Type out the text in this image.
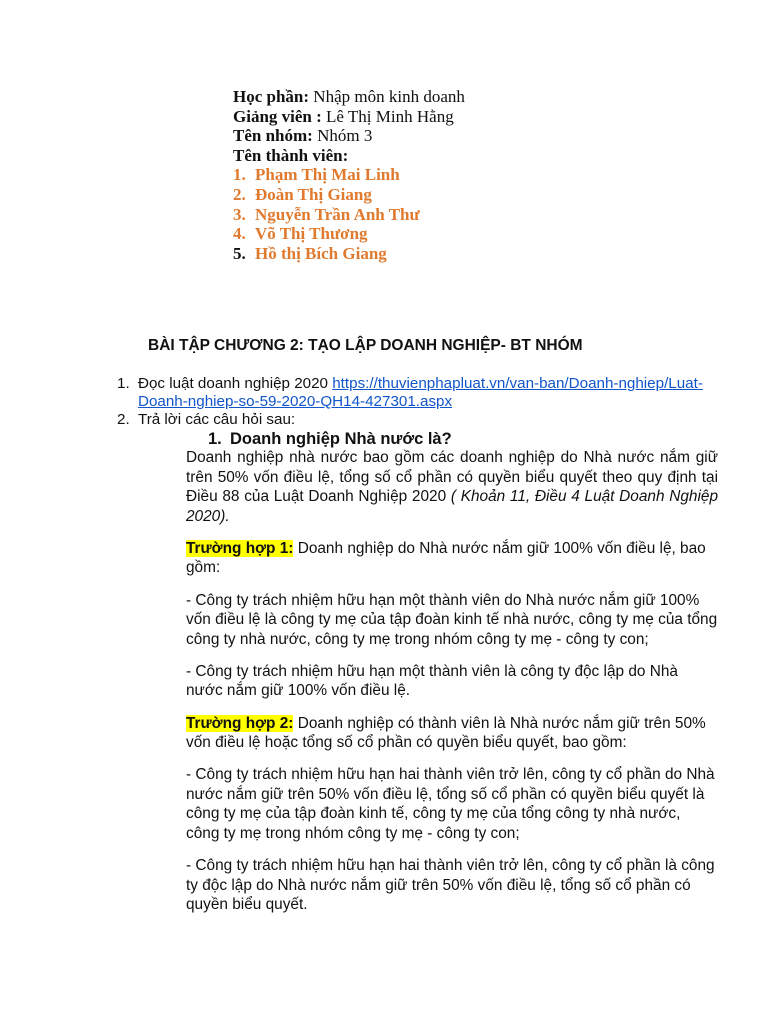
Học phần: Nhập môn kinh doanh
Giảng viên : Lê Thị Minh Hằng
Tên nhóm: Nhóm 3
Tên thành viên:
1. Phạm Thị Mai Linh
2. Đoàn Thị Giang
3. Nguyễn Trần Anh Thư
4. Võ Thị Thương
5. Hồ thị Bích Giang
BÀI TẬP CHƯƠNG 2: TẠO LẬP DOANH NGHIỆP- BT NHÓM
1. Đọc luật doanh nghiệp 2020 https://thuvienphapluat.vn/van-ban/Doanh-nghiep/Luat-Doanh-nghiep-so-59-2020-QH14-427301.aspx
2. Trả lời các câu hỏi sau:
1. Doanh nghiệp Nhà nước là?

Doanh nghiệp nhà nước bao gồm các doanh nghiệp do Nhà nước nắm giữ trên 50% vốn điều lệ, tổng số cổ phần có quyền biểu quyết theo quy định tại Điều 88 của Luật Doanh Nghiệp 2020 ( Khoản 11, Điều 4 Luật Doanh Nghiệp 2020).

Trường hợp 1: Doanh nghiệp do Nhà nước nắm giữ 100% vốn điều lệ, bao gồm:

- Công ty trách nhiệm hữu hạn một thành viên do Nhà nước nắm giữ 100% vốn điều lệ là công ty mẹ của tập đoàn kinh tế nhà nước, công ty mẹ của tổng công ty nhà nước, công ty mẹ trong nhóm công ty mẹ - công ty con;

- Công ty trách nhiệm hữu hạn một thành viên là công ty độc lập do Nhà nước nắm giữ 100% vốn điều lệ.

Trường hợp 2: Doanh nghiệp có thành viên là Nhà nước nắm giữ trên 50% vốn điều lệ hoặc tổng số cổ phần có quyền biểu quyết, bao gồm:

- Công ty trách nhiệm hữu hạn hai thành viên trở lên, công ty cổ phần do Nhà nước nắm giữ trên 50% vốn điều lệ, tổng số cổ phần có quyền biểu quyết là công ty mẹ của tập đoàn kinh tế, công ty mẹ của tổng công ty nhà nước, công ty mẹ trong nhóm công ty mẹ - công ty con;

- Công ty trách nhiệm hữu hạn hai thành viên trở lên, công ty cổ phần là công ty độc lập do Nhà nước nắm giữ trên 50% vốn điều lệ, tổng số cổ phần có quyền biểu quyết.
